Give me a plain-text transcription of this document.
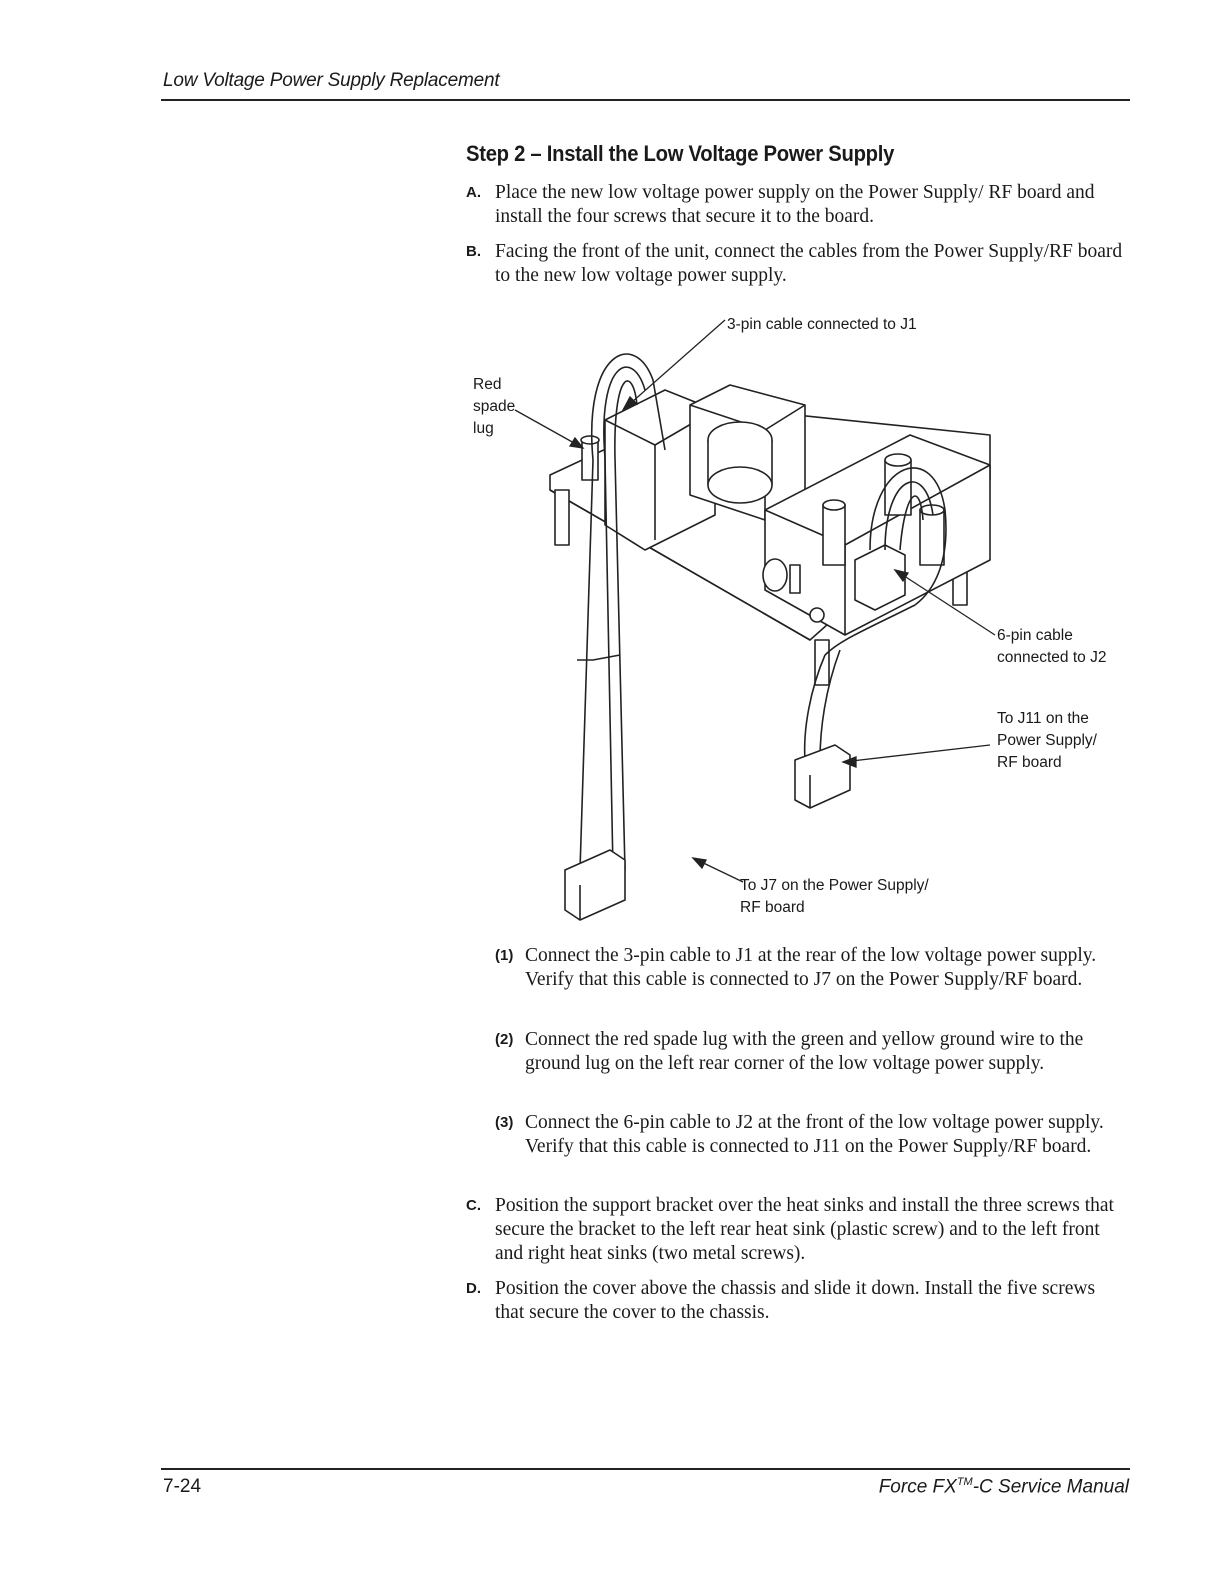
Low Voltage Power Supply Replacement
Step 2 – Install the Low Voltage Power Supply
A. Place the new low voltage power supply on the Power Supply/ RF board and install the four screws that secure it to the board.
B. Facing the front of the unit, connect the cables from the Power Supply/RF board to the new low voltage power supply.
3-pin cable connected to J1
Red
spade
lug
6-pin cable
connected to J2
To J11 on the
Power Supply/
RF board
To J7 on the Power Supply/
RF board
(1) Connect the 3-pin cable to J1 at the rear of the low voltage power supply. Verify that this cable is connected to J7 on the Power Supply/RF board.
(2) Connect the red spade lug with the green and yellow ground wire to the ground lug on the left rear corner of the low voltage power supply.
(3) Connect the 6-pin cable to J2 at the front of the low voltage power supply. Verify that this cable is connected to J11 on the Power Supply/RF board.
C. Position the support bracket over the heat sinks and install the three screws that secure the bracket to the left rear heat sink (plastic screw) and to the left front and right heat sinks (two metal screws).
D. Position the cover above the chassis and slide it down. Install the five screws that secure the cover to the chassis.
7-24	Force FX™-C Service Manual
